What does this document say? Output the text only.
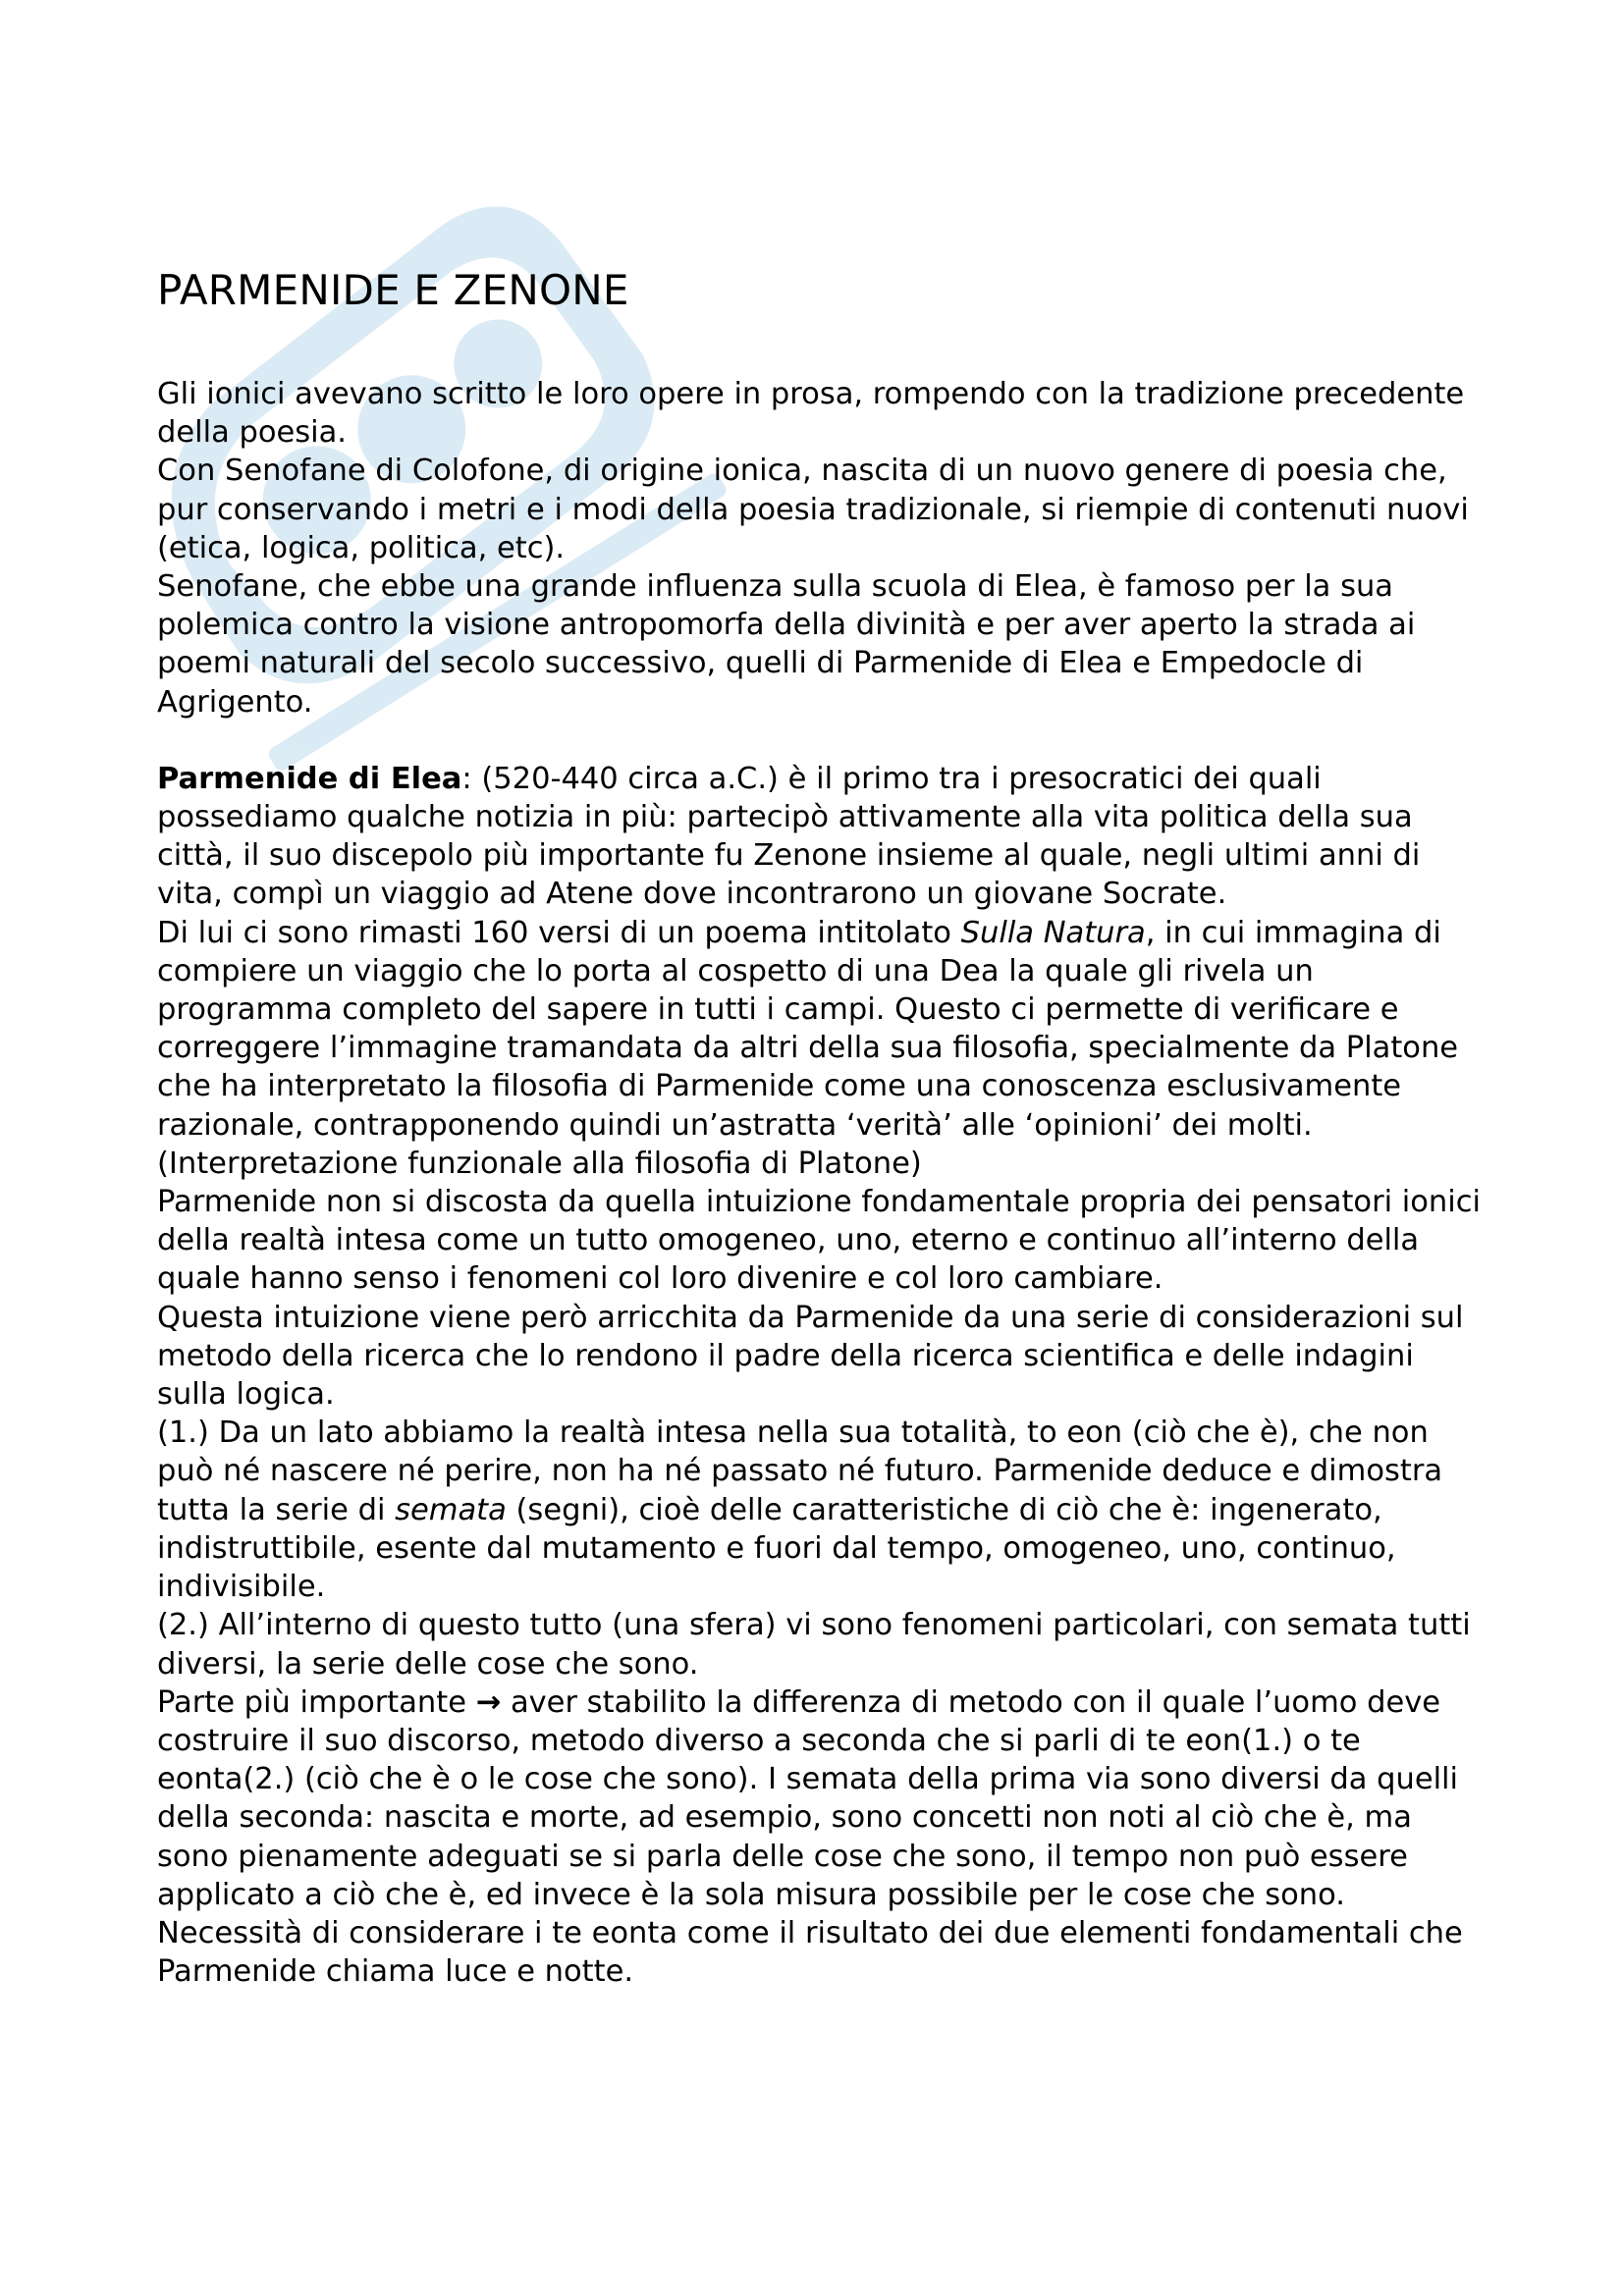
PARMENIDE E ZENONE

Gli ionici avevano scritto le loro opere in prosa, rompendo con la tradizione precedente della poesia.

Con Senofane di Colofone, di origine ionica, nascita di un nuovo genere di poesia che, pur conservando i metri e i modi della poesia tradizionale, si riempie di contenuti nuovi (etica, logica, politica, etc).

Senofane, che ebbe una grande influenza sulla scuola di Elea, è famoso per la sua polemica contro la visione antropomorfa della divinità e per aver aperto la strada ai poemi naturali del secolo successivo, quelli di Parmenide di Elea e Empedocle di Agrigento.

Parmenide di Elea: (520-440 circa a.C.) è il primo tra i presocratici dei quali possediamo qualche notizia in più: partecipò attivamente alla vita politica della sua città, il suo discepolo più importante fu Zenone insieme al quale, negli ultimi anni di vita, compì un viaggio ad Atene dove incontrarono un giovane Socrate.

Di lui ci sono rimasti 160 versi di un poema intitolato Sulla Natura, in cui immagina di compiere un viaggio che lo porta al cospetto di una Dea la quale gli rivela un programma completo del sapere in tutti i campi. Questo ci permette di verificare e correggere l’immagine tramandata da altri della sua filosofia, specialmente da Platone che ha interpretato la filosofia di Parmenide come una conoscenza esclusivamente razionale, contrapponendo quindi un’astratta ‘verità’ alle ‘opinioni’ dei molti. (Interpretazione funzionale alla filosofia di Platone)

Parmenide non si discosta da quella intuizione fondamentale propria dei pensatori ionici della realtà intesa come un tutto omogeneo, uno, eterno e continuo all’interno della quale hanno senso i fenomeni col loro divenire e col loro cambiare.

Questa intuizione viene però arricchita da Parmenide da una serie di considerazioni sul metodo della ricerca che lo rendono il padre della ricerca scientifica e delle indagini sulla logica.

(1.) Da un lato abbiamo la realtà intesa nella sua totalità, to eon (ciò che è), che non può né nascere né perire, non ha né passato né futuro. Parmenide deduce e dimostra tutta la serie di semata (segni), cioè delle caratteristiche di ciò che è: ingenerato, indistruttibile, esente dal mutamento e fuori dal tempo, omogeneo, uno, continuo, indivisibile.

(2.) All’interno di questo tutto (una sfera) vi sono fenomeni particolari, con semata tutti diversi, la serie delle cose che sono.

Parte più importante → aver stabilito la differenza di metodo con il quale l’uomo deve costruire il suo discorso, metodo diverso a seconda che si parli di te eon(1.) o te eonta(2.) (ciò che è o le cose che sono). I semata della prima via sono diversi da quelli della seconda: nascita e morte, ad esempio, sono concetti non noti al ciò che è, ma sono pienamente adeguati se si parla delle cose che sono, il tempo non può essere applicato a ciò che è, ed invece è la sola misura possibile per le cose che sono.

Necessità di considerare i te eonta come il risultato dei due elementi fondamentali che Parmenide chiama luce e notte.
